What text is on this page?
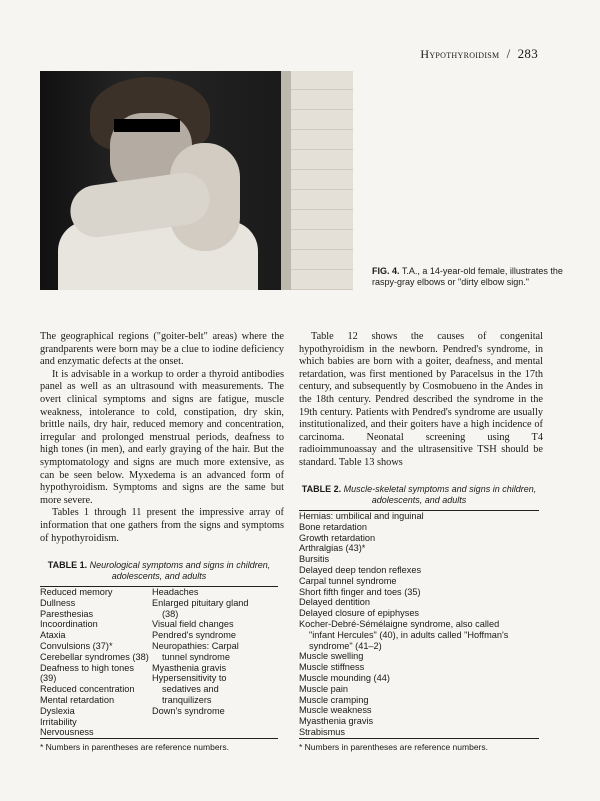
Hypothyroidism / 283
FIG. 4. T.A., a 14-year-old female, illustrates the raspy-gray elbows or "dirty elbow sign."

The geographical regions ("goiter-belt" areas) where the grandparents were born may be a clue to iodine deficiency and enzymatic defects at the onset.

It is advisable in a workup to order a thyroid antibodies panel as well as an ultrasound with measurements. The overt clinical symptoms and signs are fatigue, muscle weakness, intolerance to cold, constipation, dry skin, brittle nails, dry hair, reduced memory and concentration, irregular and prolonged menstrual periods, deafness to high tones (in men), and early graying of the hair. But the symptomatology and signs are much more extensive, as can be seen below. Myxedema is an advanced form of hypothyroidism. Symptoms and signs are the same but more severe.

Tables 1 through 11 present the impressive array of information that one gathers from the signs and symptoms of hypothyroidism.

Table 12 shows the causes of congenital hypothyroidism in the newborn. Pendred's syndrome, in which babies are born with a goiter, deafness, and mental retardation, was first mentioned by Paracelsus in the 17th century, and subsequently by Cosmobueno in the Andes in the 18th century. Pendred described the syndrome in the 19th century. Patients with Pendred's syndrome are usually institutionalized, and their goiters have a high incidence of carcinoma. Neonatal screening using T4 radioimmunoassay and the ultrasensitive TSH should be standard. Table 13 shows

TABLE 1. Neurological symptoms and signs in children, adolescents, and adults
Reduced memory
Dullness
Paresthesias
Incoordination
Ataxia
Convulsions (37)*
Cerebellar syndromes (38)
Deafness to high tones (39)
Reduced concentration
Mental retardation
Dyslexia
Irritability
Nervousness
Headaches
Enlarged pituitary gland
(38)
Visual field changes
Pendred's syndrome
Neuropathies: Carpal
tunnel syndrome
Myasthenia gravis
Hypersensitivity to
sedatives and
tranquilizers
Down's syndrome
* Numbers in parentheses are reference numbers.
TABLE 2. Muscle-skeletal symptoms and signs in children, adolescents, and adults
Hernias: umbilical and inguinal
Bone retardation
Growth retardation
Arthralgias (43)*
Bursitis
Delayed deep tendon reflexes
Carpal tunnel syndrome
Short fifth finger and toes (35)
Delayed dentition
Delayed closure of epiphyses
Kocher-Debré-Sémélaigne syndrome, also called
"infant Hercules" (40), in adults called "Hoffman's
syndrome" (41–2)
Muscle swelling
Muscle stiffness
Muscle mounding (44)
Muscle pain
Muscle cramping
Muscle weakness
Myasthenia gravis
Strabismus
* Numbers in parentheses are reference numbers.
